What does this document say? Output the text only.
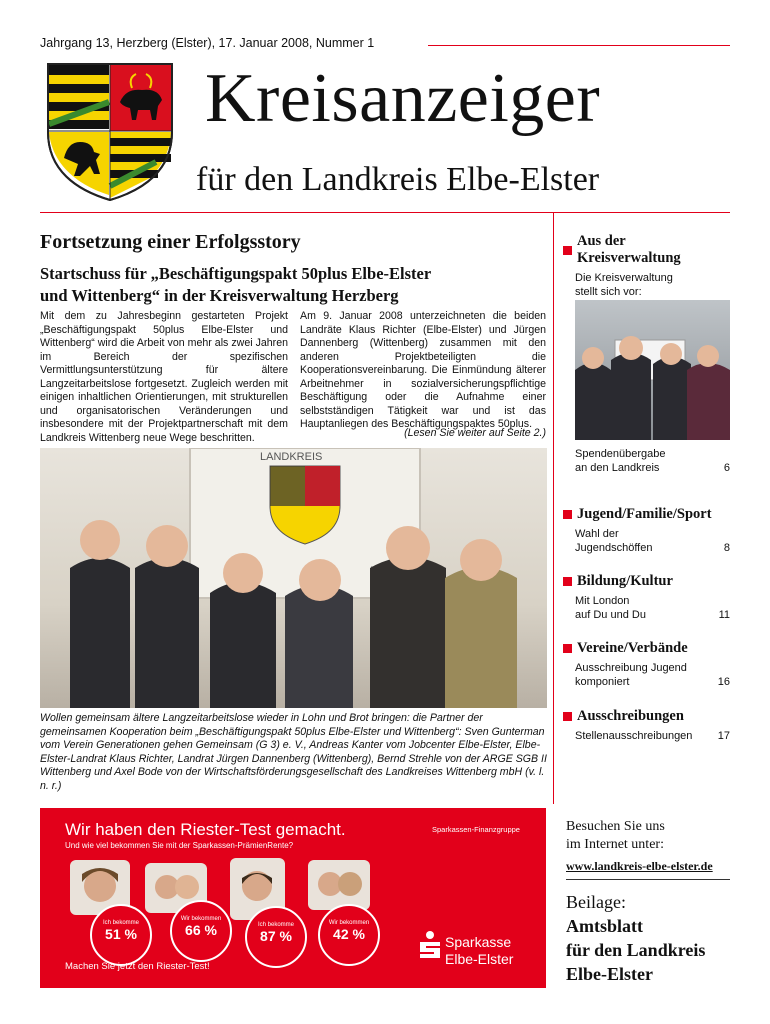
Jahrgang 13, Herzberg (Elster), 17. Januar 2008, Nummer 1
Kreisanzeiger
für den Landkreis Elbe-Elster
Fortsetzung einer Erfolgsstory
Startschuss für „Beschäftigungspakt 50plus Elbe-Elster
und Wittenberg“ in der Kreisverwaltung Herzberg
Mit dem zu Jahresbeginn gestarteten Projekt „Beschäftigungspakt 50plus Elbe-Elster und Wittenberg“ wird die Arbeit von mehr als zwei Jahren im Bereich der spezifischen Vermittlungsunterstützung für ältere Langzeitarbeitslose fortgesetzt. Zugleich werden mit einigen inhaltlichen Orientierungen, mit strukturellen und organisatorischen Veränderungen und insbesondere mit der Projektpartnerschaft mit dem Landkreis Wittenberg neue Wege beschritten.
Am 9. Januar 2008 unterzeichneten die beiden Landräte Klaus Richter (Elbe-Elster) und Jürgen Dannenberg (Wittenberg) zusammen mit den anderen Projektbeteiligten die Kooperationsvereinbarung. Die Einmündung älterer Arbeitnehmer in sozialversicherungspflichtige Beschäftigung oder die Aufnahme einer selbstständigen Tätigkeit war und ist das Hauptanliegen des Beschäftigungspaktes 50plus.
(Lesen Sie weiter auf Seite 2.)
LANDKREIS
Wollen gemeinsam ältere Langzeitarbeitslose wieder in Lohn und Brot bringen: die Partner der gemeinsamen Kooperation beim „Beschäftigungspakt 50plus Elbe-Elster und Wittenberg“: Sven Gunterman vom Verein Generationen gehen Gemeinsam (G 3) e. V., Andreas Kanter vom Jobcenter Elbe-Elster, Elbe-Elster-Landrat Klaus Richter, Landrat Jürgen Dannenberg (Wittenberg), Bernd Strehle von der ARGE SGB II Wittenberg und Axel Bode von der Wirtschaftsförderungsgesellschaft des Landkreises Wittenberg mbH (v. l. n. r.)
Aus der Kreisverwaltung
Die Kreisverwaltung
stellt sich vor:
Spendenübergabe
an den Landkreis	6
Jugend/Familie/Sport
Wahl der
Jugendschöffen	8
Bildung/Kultur
Mit London
auf Du und Du	11
Vereine/Verbände
Ausschreibung Jugend
komponiert	16
Ausschreibungen
Stellenausschreibungen	17
Besuchen Sie uns
im Internet unter:
www.landkreis-elbe-elster.de
Beilage:
Amtsblatt
für den Landkreis
Elbe-Elster
Wir haben den Riester-Test gemacht.	Sparkassen-Finanzgruppe
Und wie viel bekommen Sie mit der Sparkassen-PrämienRente?
Ich bekomme
51 %
Wir bekommen
66 %	Ich bekomme
87 %
Wir bekommen
42 %
Machen Sie jetzt den Riester-Test!
Sparkasse
Elbe-Elster
